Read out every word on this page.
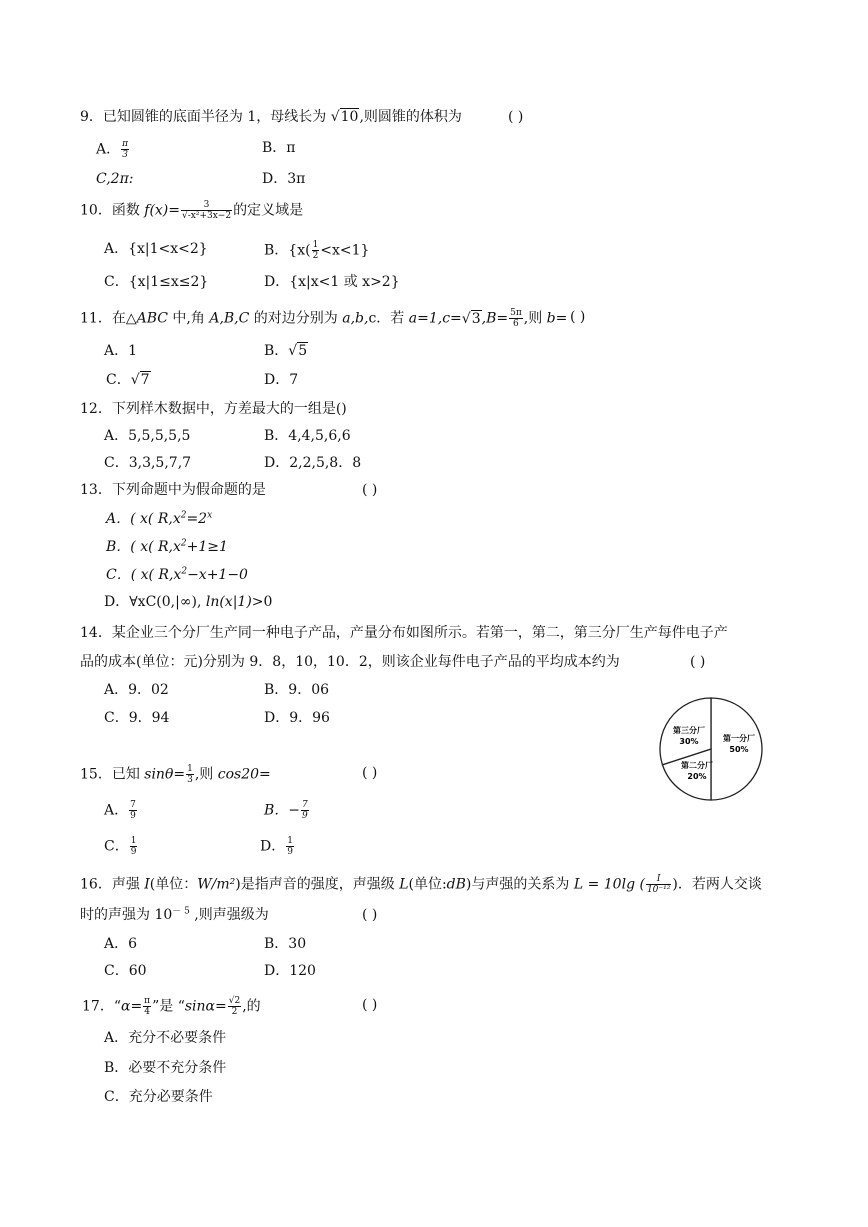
9．已知圆锥的底面半径为 1，母线长为 √10,则圆锥的体积为	( )
A． $\frac{\pi}{3}$	B．π
C,2π:	D．3π
10．函数 $f(x)= \frac{3}{\text{√-x²+3x−2}}$ 的定义域是
A．{x|1<x<2}	B．{$x( \frac{1}{2} <x<1\}$
C．{x|1≤x≤2}	D．{x|x<1 或 x>2}
11．在△ABC 中,角 A,B,C 的对边分别为 a,b,c．若 $a=1,c=√3,B= \frac{5\pi}{6}$ ,则 b= ( )
A．1	B．√5
C．√7	D．7
12．下列样木数据中，方差最大的一组是()
A．5,5,5,5,5	B．4,4,5,6,6
C．3,3,5,7,7	D．2,2,5,8．8
13．下列命题中为假命题的是	( )
A．( x( $R,x^2=2^x$
B．( x( $R,x^2+1\ge 1$
C．( x( $R,x^2-x+1-0$
D．∀xC(0,|∞), ln(x|1)>0
14．某企业三个分厂生产同一种电子产品，产量分布如图所示。若第一，第二，第三分厂生产每件电子产
品的成本(单位：元)分别为 9．8，10，10．2，则该企业每件电子产品的平均成本约为	( )
A．9．02	B．9．06
C．9．94	D．9．96
第一分厂
50%
第二分厂
20%
第三分厂
30%
15．已知 $\sin\theta= \frac{1}{3}$ ,则 cos20=	( )
A． $\frac{7}{9}$	B．− $\frac{7}{9}$
C． $\frac{1}{9}$	D． $\frac{1}{9}$
16．声强 I(单位：W/m²)是指声音的强度，声强级 L(单位:dB)与声强的关系为 L = 10lg ( $\frac{I}{\text{10⁻¹²}}$ )．若两人交谈
时的声强为 $10^{- 5}$ ,则声强级为	( )
A．6	B．30
C．60	D．120
17．“$\alpha= \frac{\pi}{4}$ ”是 “$\sin\alpha= \frac{√2}{2}$ ,的	( )
A．充分不必要条件
B．必要不充分条件
C．充分必要条件
